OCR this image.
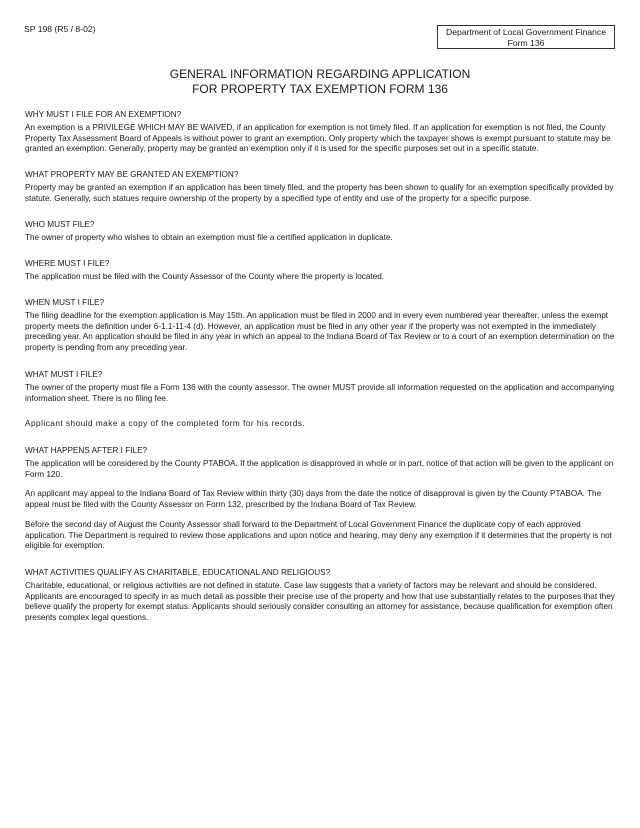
SP 198 (R5 / 8-02)	Department of Local Government Finance
Form 136
GENERAL INFORMATION REGARDING APPLICATION
FOR PROPERTY TAX EXEMPTION FORM 136
WHY MUST I FILE FOR AN EXEMPTION?
An exemption is a PRIVILEGE WHICH MAY BE WAIVED, if an application for exemption is not timely filed. If an application for exemption is not filed, the County Property Tax Assessment Board of Appeals is without power to grant an exemption. Only property which the taxpayer shows is exempt pursuant to statute may be granted an exemption. Generally, property may be granted an exemption only if it is used for the specific purposes set out in a specific statute.
WHAT PROPERTY MAY BE GRANTED AN EXEMPTION?
Property may be granted an exemption if an application has been timely filed, and the property has been shown to qualify for an exemption specifically provided by statute. Generally, such statues require ownership of the property by a specified type of entity and use of the property for a specific purpose.
WHO MUST FILE?
The owner of property who wishes to obtain an exemption must file a certified application in duplicate.
WHERE MUST I FILE?
The application must be filed with the County Assessor of the County where the property is located.
WHEN MUST I FILE?
The filing deadline for the exemption application is May 15th. An application must be filed in 2000 and in every even numbered year thereafter, unless the exempt property meets the definition under 6-1.1-11-4 (d). However, an application must be filed in any other year if the property was not exempted in the immediately preceding year. An application should be filed in any year in which an appeal to the Indiana Board of Tax Review or to a court of an exemption determination on the property is pending from any preceding year.
WHAT MUST I FILE?
The owner of the property must file a Form 136 with the county assessor. The owner MUST provide all information requested on the application and accompanying information sheet. There is no filing fee.
Applicant should make a copy of the completed form for his records.
WHAT HAPPENS AFTER I FILE?
The application will be considered by the County PTABOA. If the application is disapproved in whole or in part, notice of that action will be given to the applicant on Form 120.
An applicant may appeal to the Indiana Board of Tax Review within thirty (30) days from the date the notice of disapproval is given by the County PTABOA. The appeal must be filed with the County Assessor on Form 132, prescribed by the Indiana Board of Tax Review.
Before the second day of August the County Assessor shall forward to the Department of Local Government Finance the duplicate copy of each approved application. The Department is required to review those applications and upon notice and hearing, may deny any exemption if it determines that the property is not eligible for exemption.
WHAT ACTIVITIES QUALIFY AS CHARITABLE, EDUCATIONAL AND RELIGIOUS?
Charitable, educational, or religious activities are not defined in statute. Case law suggests that a variety of factors may be relevant and should be considered. Applicants are encouraged to specify in as much detail as possible their precise use of the property and how that use substantially relates to the purposes that they believe qualify the property for exempt status. Applicants should seriously consider consulting an attorney for assistance, because qualification for exemption often presents complex legal questions.
